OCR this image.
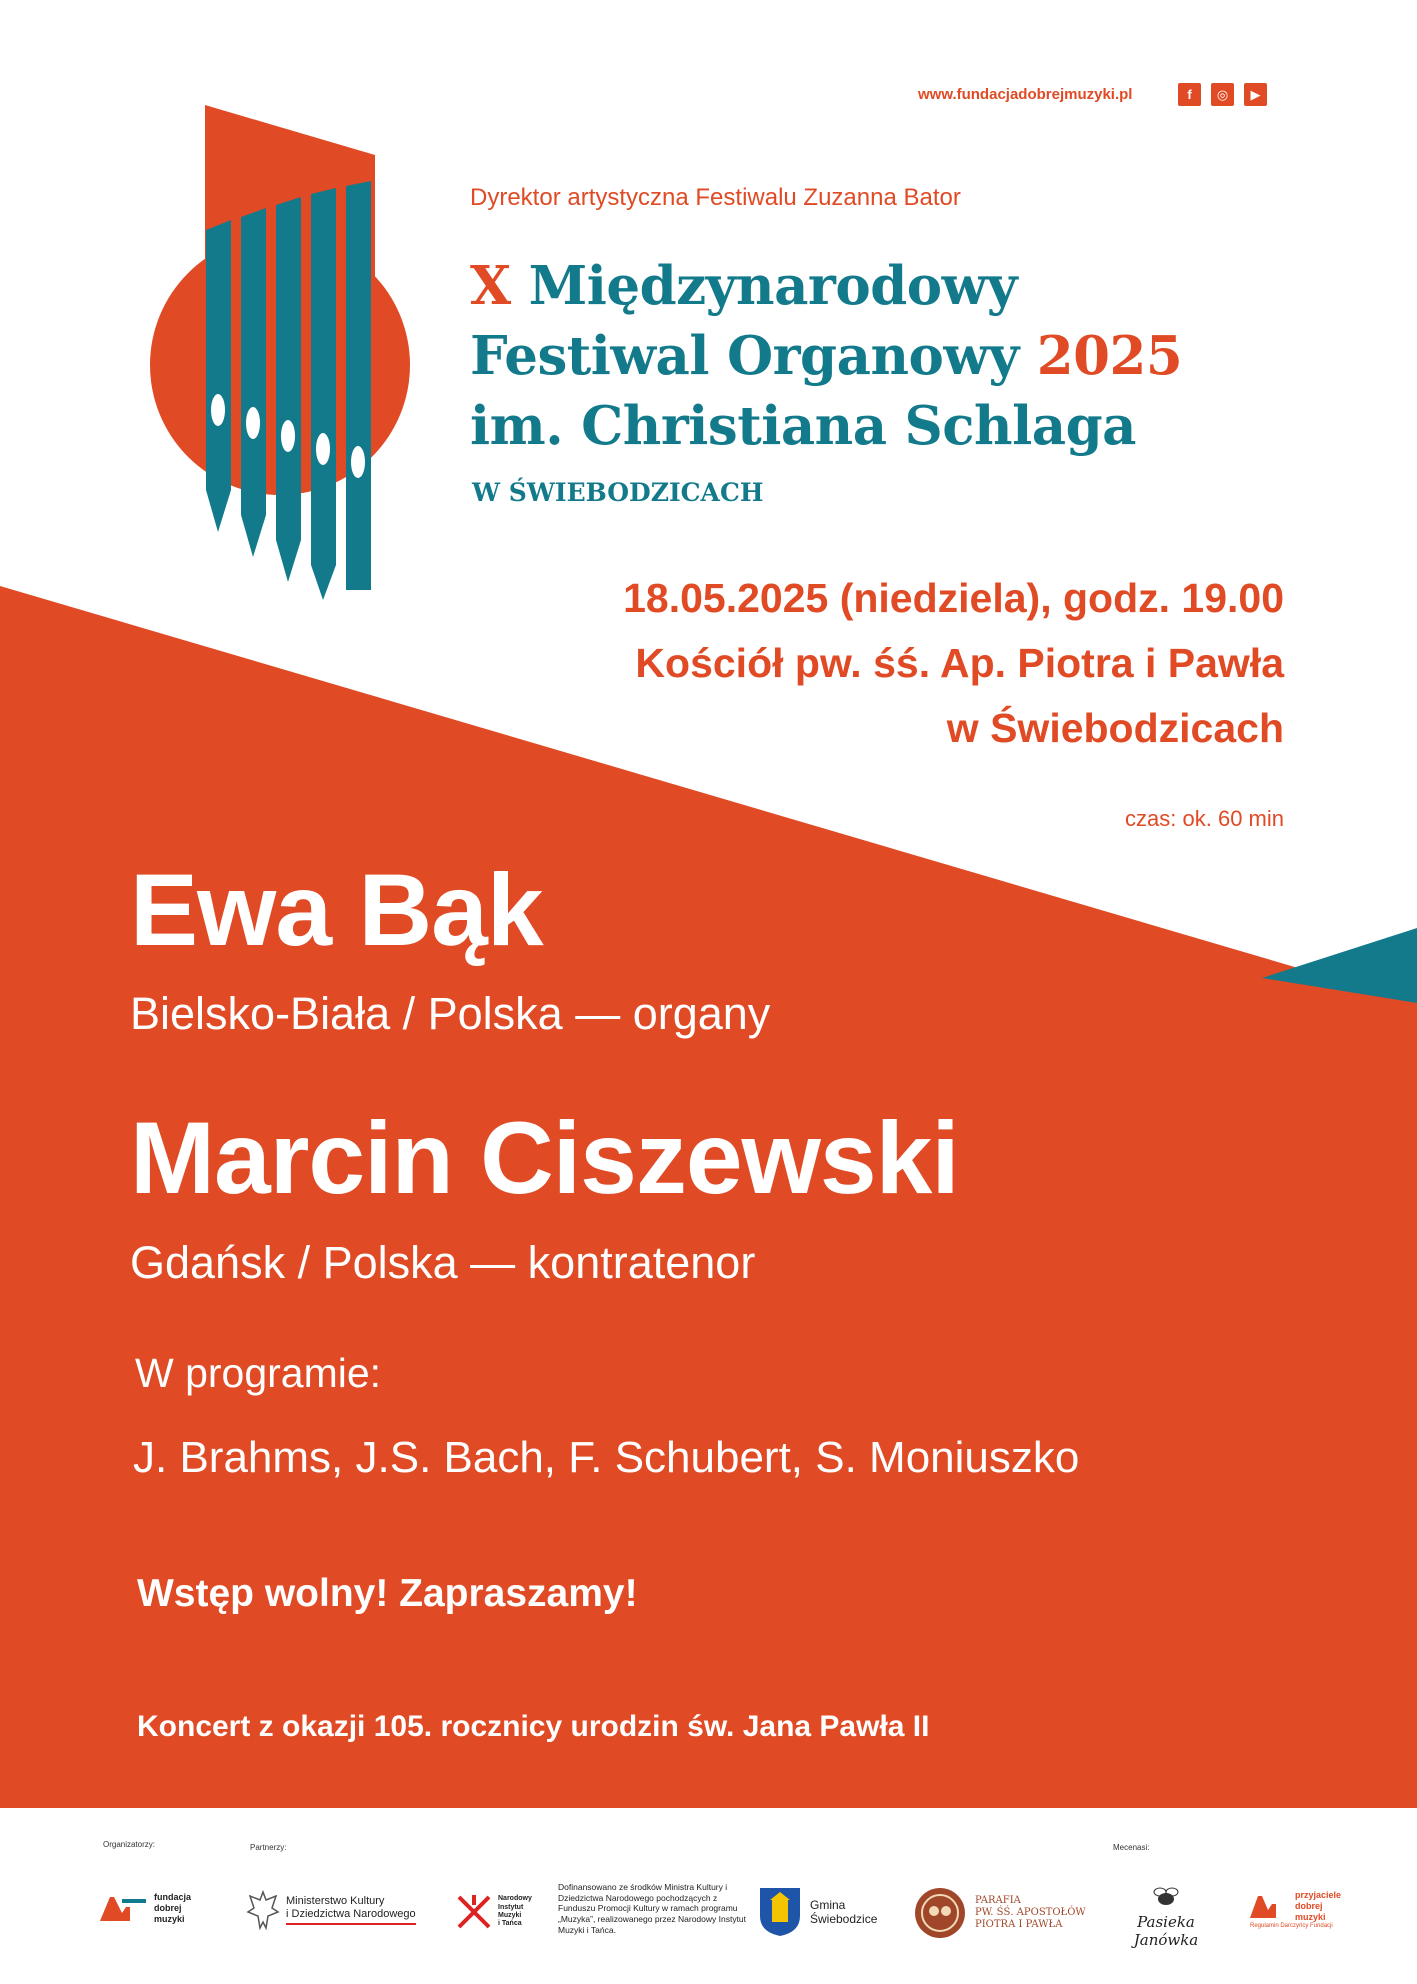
www.fundacjadobrejmuzyki.pl	f	◎	▶
Dyrektor artystyczna Festiwalu Zuzanna Bator
X Międzynarodowy
Festiwal Organowy 2025
im. Christiana Schlaga
W ŚWIEBODZICACH
18.05.2025 (niedziela), godz. 19.00
Kościół pw. śś. Ap. Piotra i Pawła
w Świebodzicach
czas: ok. 60 min
Ewa Bąk
Bielsko-Biała / Polska — organy
Marcin Ciszewski
Gdańsk / Polska — kontratenor
W programie:
J. Brahms, J.S. Bach, F. Schubert, S. Moniuszko
Wstęp wolny! Zapraszamy!
Koncert z okazji 105. rocznicy urodzin św. Jana Pawła II
Organizatorzy:	Partnerzy:	Mecenasi:
fundacja
dobrej
muzyki
Ministerstwo Kultury
i Dziedzictwa Narodowego
Narodowy
Instytut
Muzyki
i Tańca
Dofinansowano ze środków Ministra Kultury i Dziedzictwa Narodowego pochodzących z Funduszu Promocji Kultury w ramach programu „Muzyka”, realizowanego przez Narodowy Instytut Muzyki i Tańca.
Gmina
Świebodzice
PARAFIA
PW. ŚŚ. APOSTOŁÓW
PIOTRA I PAWŁA	Pasieka Janówka
przyjaciele
dobrej
muzyki
Regulamin Darczyńcy Fundacji
